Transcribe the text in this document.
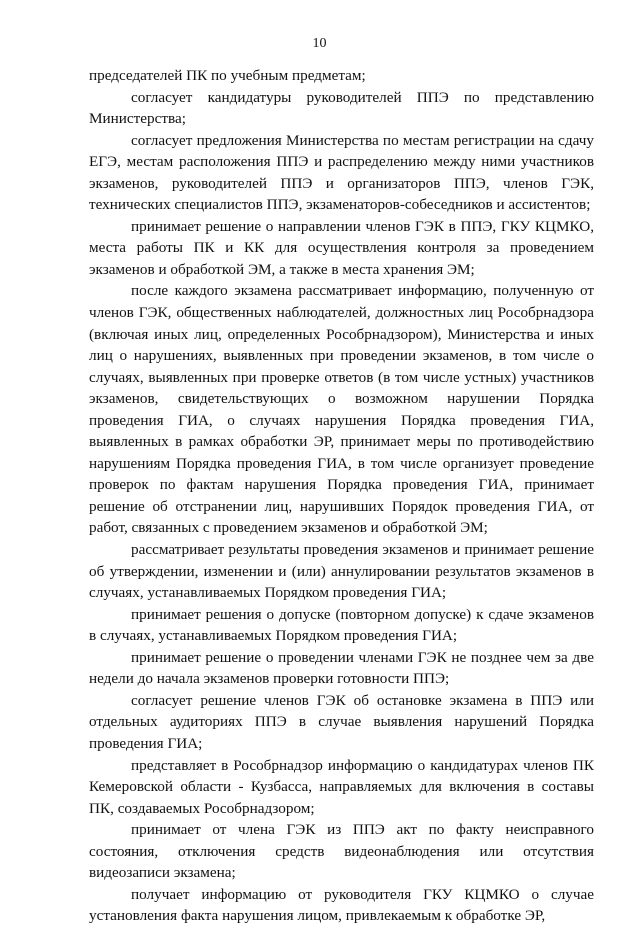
10

председателей ПК по учебным предметам;

согласует кандидатуры руководителей ППЭ по представлению Министерства;

согласует предложения Министерства по местам регистрации на сдачу ЕГЭ, местам расположения ППЭ и распределению между ними участников экзаменов, руководителей ППЭ и организаторов ППЭ, членов ГЭК, технических специалистов ППЭ, экзаменаторов-собеседников и ассистентов;

принимает решение о направлении членов ГЭК в ППЭ, ГКУ КЦМКО, места работы ПК и КК для осуществления контроля за проведением экзаменов и обработкой ЭМ, а также в места хранения ЭМ;

после каждого экзамена рассматривает информацию, полученную от членов ГЭК, общественных наблюдателей, должностных лиц Рособрнадзора (включая иных лиц, определенных Рособрнадзором), Министерства и иных лиц о нарушениях, выявленных при проведении экзаменов, в том числе о случаях, выявленных при проверке ответов (в том числе устных) участников экзаменов, свидетельствующих о возможном нарушении Порядка проведения ГИА, о случаях нарушения Порядка проведения ГИА, выявленных в рамках обработки ЭР, принимает меры по противодействию нарушениям Порядка проведения ГИА, в том числе организует проведение проверок по фактам нарушения Порядка проведения ГИА, принимает решение об отстранении лиц, нарушивших Порядок проведения ГИА, от работ, связанных с проведением экзаменов и обработкой ЭМ;

рассматривает результаты проведения экзаменов и принимает решение об утверждении, изменении и (или) аннулировании результатов экзаменов в случаях, устанавливаемых Порядком проведения ГИА;

принимает решения о допуске (повторном допуске) к сдаче экзаменов в случаях, устанавливаемых Порядком проведения ГИА;

принимает решение о проведении членами ГЭК не позднее чем за две недели до начала экзаменов проверки готовности ППЭ;

согласует решение членов ГЭК об остановке экзамена в ППЭ или отдельных аудиториях ППЭ в случае выявления нарушений Порядка проведения ГИА;

представляет в Рособрнадзор информацию о кандидатурах членов ПК Кемеровской области - Кузбасса, направляемых для включения в составы ПК, создаваемых Рособрнадзором;

принимает от члена ГЭК из ППЭ акт по факту неисправного состояния, отключения средств видеонаблюдения или отсутствия видеозаписи экзамена;

получает информацию от руководителя ГКУ КЦМКО о случае установления факта нарушения лицом, привлекаемым к обработке ЭР,
